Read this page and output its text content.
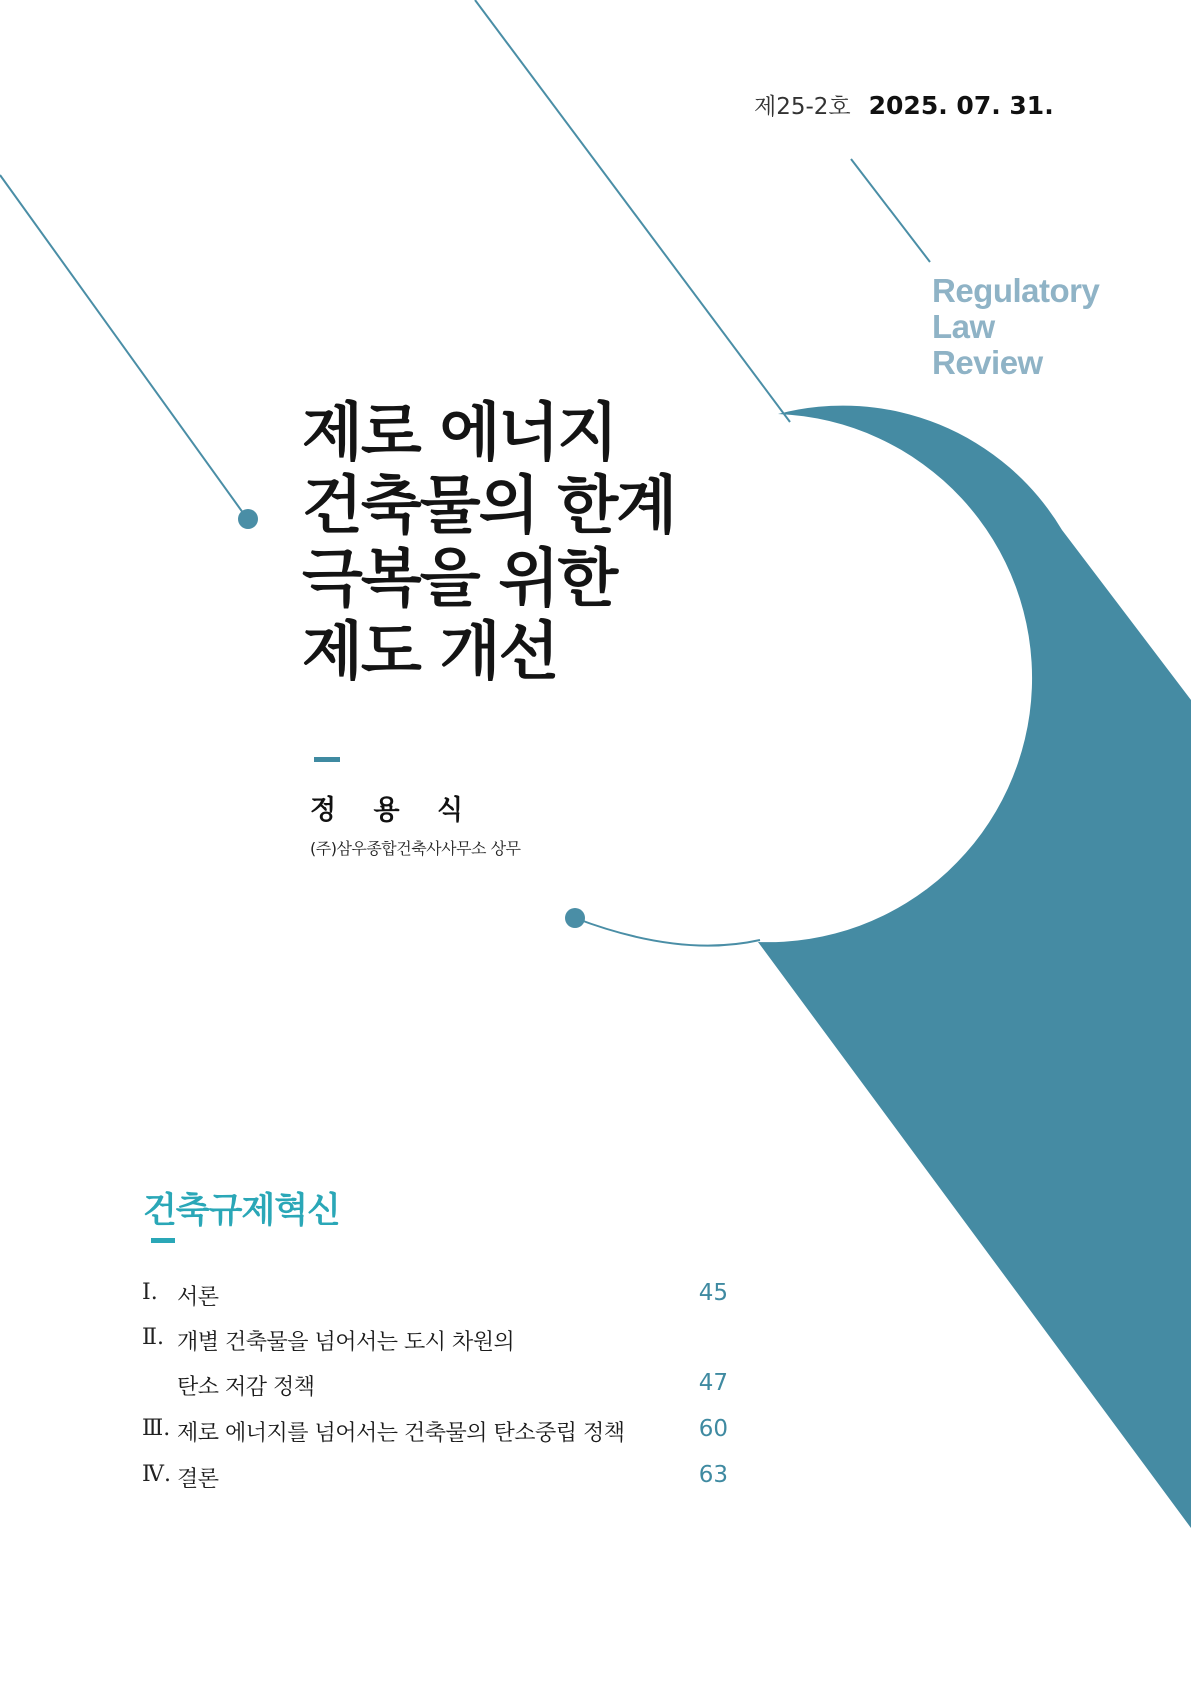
제25-2호 2025. 07. 31.
Regulatory
Law
Review
제로 에너지
건축물의 한계
극복을 위한
제도 개선
정 용 식
(주)삼우종합건축사사무소 상무
건축규제혁신
Ⅰ. 서론	45
Ⅱ. 개별 건축물을 넘어서는 도시 차원의
탄소 저감 정책	47
Ⅲ. 제로 에너지를 넘어서는 건축물의 탄소중립 정책	60
Ⅳ. 결론	63
